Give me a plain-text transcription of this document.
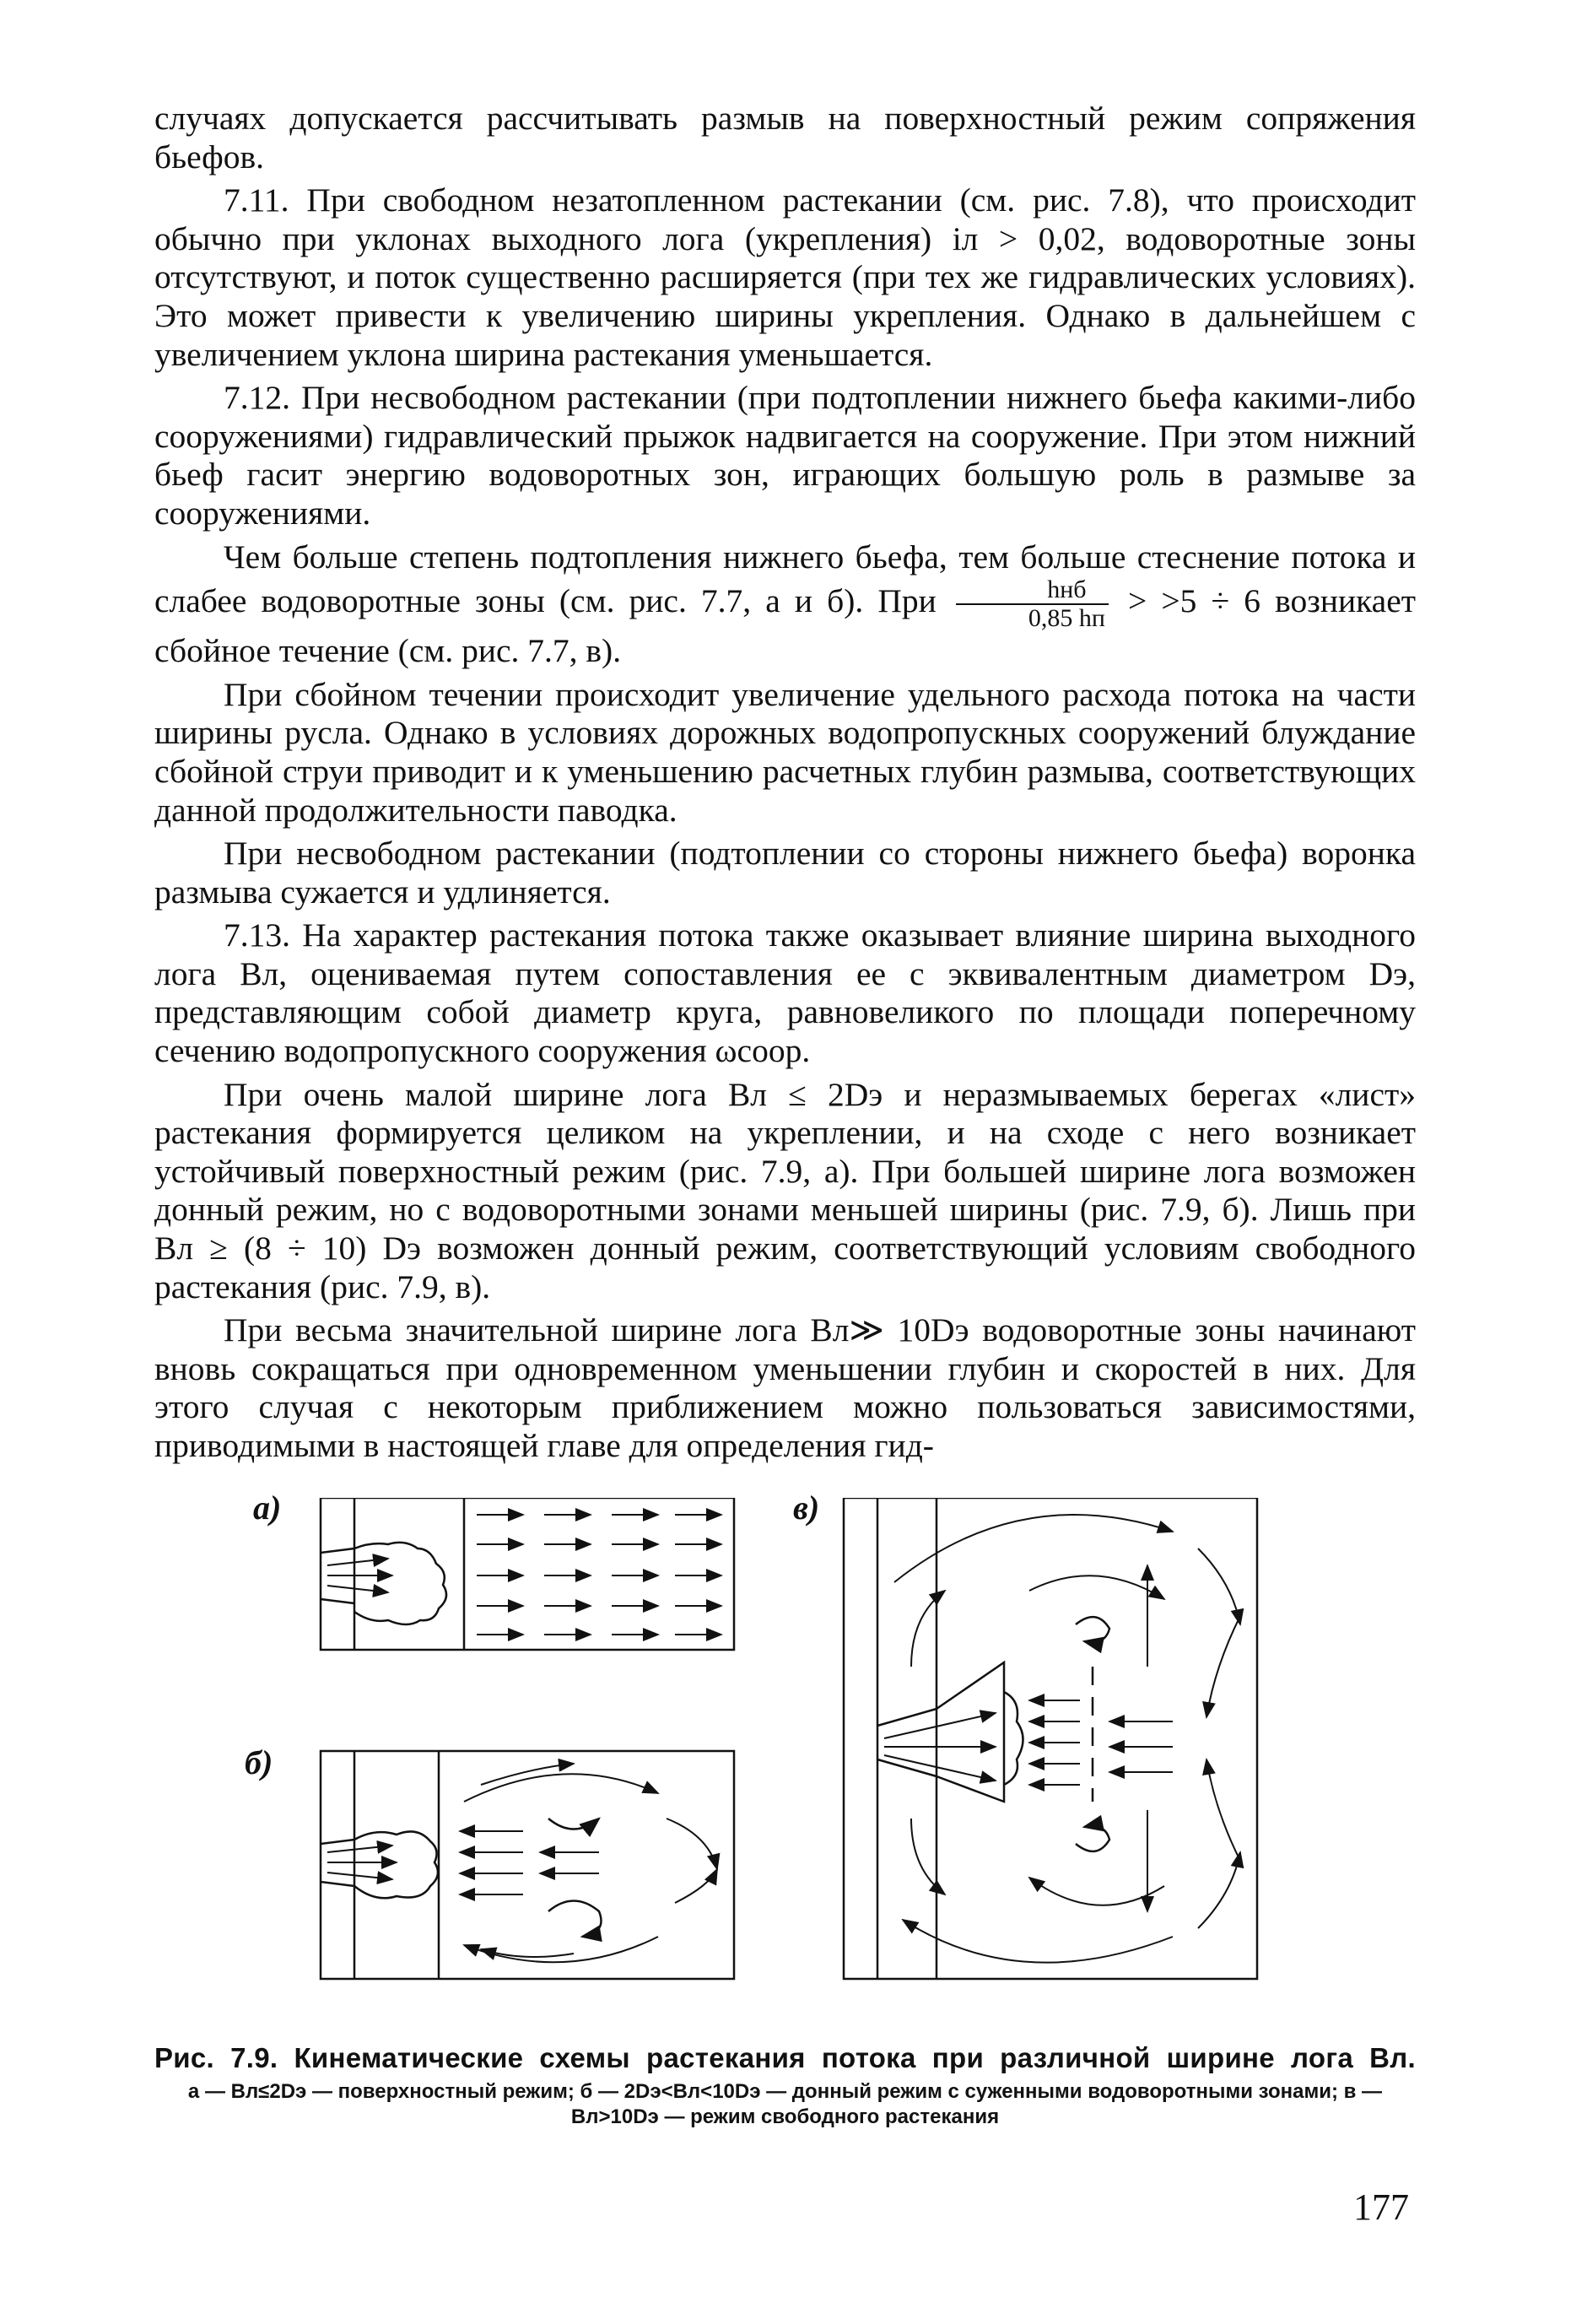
случаях допускается рассчитывать размыв на поверхностный режим сопряжения бьефов.

7.11. При свободном незатопленном растекании (см. рис. 7.8), что происходит обычно при уклонах выходного лога (укрепления) iл > 0,02, водоворотные зоны отсутствуют, и поток существенно расширяется (при тех же гидравлических условиях). Это может привести к увеличению ширины укрепления. Однако в дальнейшем с увеличением уклона ширина растекания уменьшается.

7.12. При несвободном растекании (при подтоплении нижнего бьефа какими-либо сооружениями) гидравлический прыжок надвигается на сооружение. При этом нижний бьеф гасит энергию водоворотных зон, играющих большую роль в размыве за сооружениями.

Чем больше степень подтопления нижнего бьефа, тем больше стеснение потока и слабее водоворотные зоны (см. рис. 7.7, а и б). При $\frac{\text{hнб}}{0,85 hп} > >5 \div 6$ возникает сбойное течение (см. рис. 7.7, в).

При сбойном течении происходит увеличение удельного расхода потока на части ширины русла. Однако в условиях дорожных водопропускных сооружений блуждание сбойной струи приводит и к уменьшению расчетных глубин размыва, соответствующих данной продолжительности паводка.

При несвободном растекании (подтоплении со стороны нижнего бьефа) воронка размыва сужается и удлиняется.

7.13. На характер растекания потока также оказывает влияние ширина выходного лога Bл, оцениваемая путем сопоставления ее с эквивалентным диаметром Dэ, представляющим собой диаметр круга, равновеликого по площади поперечному сечению водопропускного сооружения ωсоор.

При очень малой ширине лога Bл ≤ 2Dэ и неразмываемых берегах «лист» растекания формируется целиком на укреплении, и на сходе с него возникает устойчивый поверхностный режим (рис. 7.9, а). При большей ширине лога возможен донный режим, но с водоворотными зонами меньшей ширины (рис. 7.9, б). Лишь при Bл ≥ (8 ÷ 10) Dэ возможен донный режим, соответствующий условиям свободного растекания (рис. 7.9, в).

При весьма значительной ширине лога Bл≫ 10Dэ водоворотные зоны начинают вновь сокращаться при одновременном уменьшении глубин и скоростей в них. Для этого случая с некоторым приближением можно пользоваться зависимостями, приводимыми в настоящей главе для определения гид-

а)
б)
в)
Рис. 7.9. Кинематические схемы растекания потока при различной ширине лога Bл.
а — Bл≤2Dэ — поверхностный режим; б — 2Dэ<Bл<10Dэ — донный режим с суженными водоворотными зонами; в — Bл>10Dэ — режим свободного растекания
177
